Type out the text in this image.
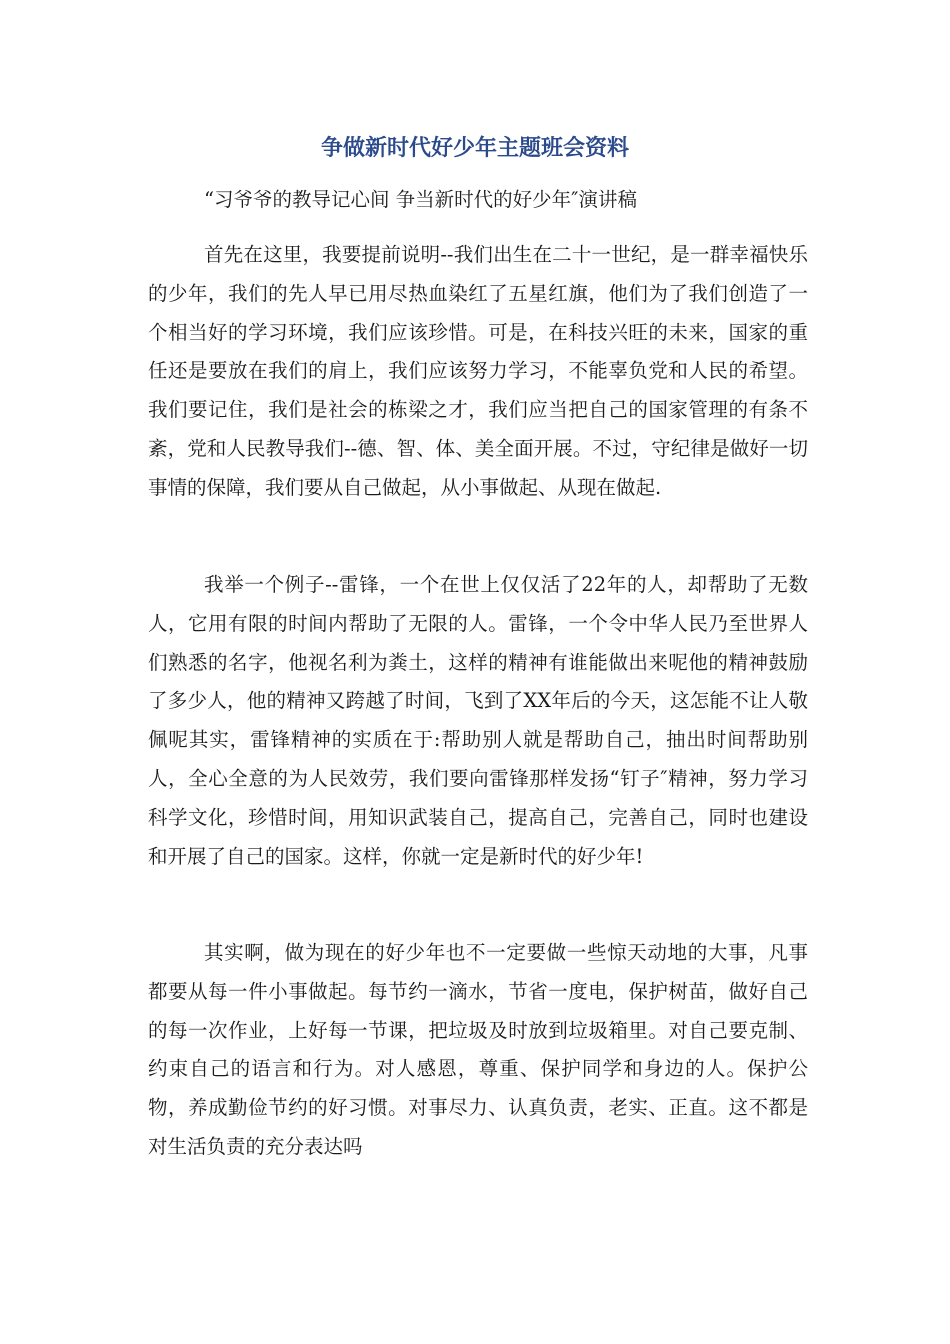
争做新时代好少年主题班会资料
“习爷爷的教导记心间 争当新时代的好少年″演讲稿

首先在这里，我要提前说明--我们出生在二十一世纪，是一群幸福快乐的少年，我们的先人早已用尽热血染红了五星红旗，他们为了我们创造了一个相当好的学习环境，我们应该珍惜。可是，在科技兴旺的未来，国家的重任还是要放在我们的肩上，我们应该努力学习，不能辜负党和人民的希望。我们要记住，我们是社会的栋梁之才，我们应当把自己的国家管理的有条不紊，党和人民教导我们--德、智、体、美全面开展。不过，守纪律是做好一切事情的保障，我们要从自己做起，从小事做起、从现在做起.

我举一个例子--雷锋，一个在世上仅仅活了22年的人，却帮助了无数人，它用有限的时间内帮助了无限的人。雷锋，一个令中华人民乃至世界人们熟悉的名字，他视名利为粪土，这样的精神有谁能做出来呢他的精神鼓励了多少人，他的精神又跨越了时间，飞到了XX年后的今天，这怎能不让人敬佩呢其实，雷锋精神的实质在于:帮助别人就是帮助自己，抽出时间帮助别人，全心全意的为人民效劳，我们要向雷锋那样发扬“钉子″精神，努力学习科学文化，珍惜时间，用知识武装自己，提高自己，完善自己，同时也建设和开展了自己的国家。这样，你就一定是新时代的好少年!

其实啊，做为现在的好少年也不一定要做一些惊天动地的大事，凡事都要从每一件小事做起。每节约一滴水，节省一度电，保护树苗，做好自己的每一次作业，上好每一节课，把垃圾及时放到垃圾箱里。对自己要克制、约束自己的语言和行为。对人感恩，尊重、保护同学和身边的人。保护公物，养成勤俭节约的好习惯。对事尽力、认真负责，老实、正直。这不都是对生活负责的充分表达吗
